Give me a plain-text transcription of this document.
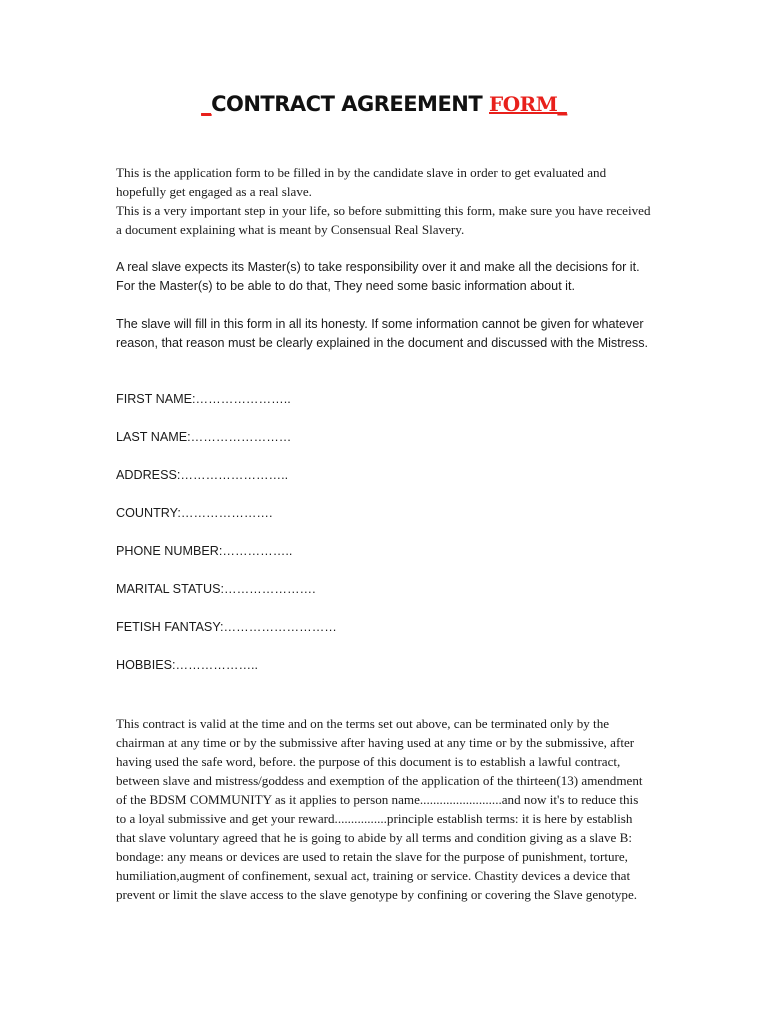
_CONTRACT AGREEMENT FORM_

This is the application form to be filled in by the candidate slave in order to get evaluated and hopefully get engaged as a real slave.

This is a very important step in your life, so before submitting this form, make sure you have received a document explaining what is meant by Consensual Real Slavery.

A real slave expects its Master(s) to take responsibility over it and make all the decisions for it. For the Master(s) to be able to do that, They need some basic information about it.

The slave will fill in this form in all its honesty. If some information cannot be given for whatever reason, that reason must be clearly explained in the document and discussed with the Mistress.

FIRST NAME:…………………..
LAST NAME:……………………
ADDRESS:……………………..
COUNTRY:………………….
PHONE NUMBER:……………..
MARITAL STATUS:………………….
FETISH FANTASY:………………………
HOBBIES:………………..

This contract is valid at the time and on the terms set out above, can be terminated only by the chairman at any time or by the submissive after having used at any time or by the submissive, after having used the safe word, before. the purpose of this document is to establish a lawful contract, between slave and mistress/goddess and exemption of the application of the thirteen(13) amendment of the BDSM COMMUNITY as it applies to person name.........................and now it's to reduce this to a loyal submissive and get your reward................principle establish terms: it is here by establish that slave voluntary agreed that he is going to abide by all terms and condition giving as a slave B: bondage: any means or devices are used to retain the slave for the purpose of punishment, torture, humiliation,augment of confinement, sexual act, training or service. Chastity devices a device that prevent or limit the slave access to the slave genotype by confining or covering the Slave genotype.
